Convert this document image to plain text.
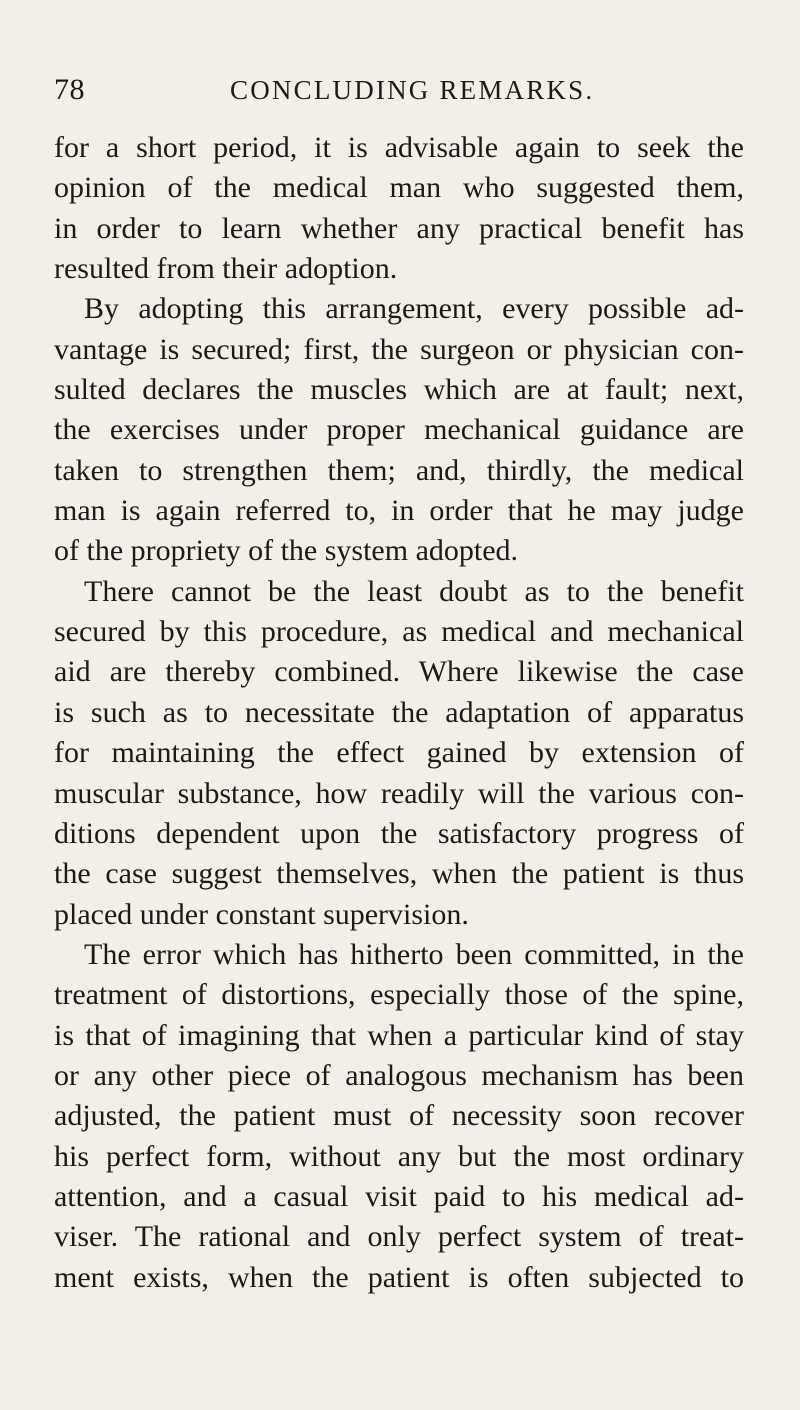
78	CONCLUDING REMARKS.
for a short period, it is advisable again to seek the
opinion of the medical man who suggested them,
in order to learn whether any practical benefit has
resulted from their adoption.
By adopting this arrangement, every possible ad-
vantage is secured; first, the surgeon or physician con-
sulted declares the muscles which are at fault; next,
the exercises under proper mechanical guidance are
taken to strengthen them; and, thirdly, the medical
man is again referred to, in order that he may judge
of the propriety of the system adopted.
There cannot be the least doubt as to the benefit
secured by this procedure, as medical and mechanical
aid are thereby combined. Where likewise the case
is such as to necessitate the adaptation of apparatus
for maintaining the effect gained by extension of
muscular substance, how readily will the various con-
ditions dependent upon the satisfactory progress of
the case suggest themselves, when the patient is thus
placed under constant supervision.
The error which has hitherto been committed, in the
treatment of distortions, especially those of the spine,
is that of imagining that when a particular kind of stay
or any other piece of analogous mechanism has been
adjusted, the patient must of necessity soon recover
his perfect form, without any but the most ordinary
attention, and a casual visit paid to his medical ad-
viser. The rational and only perfect system of treat-
ment exists, when the patient is often subjected to
